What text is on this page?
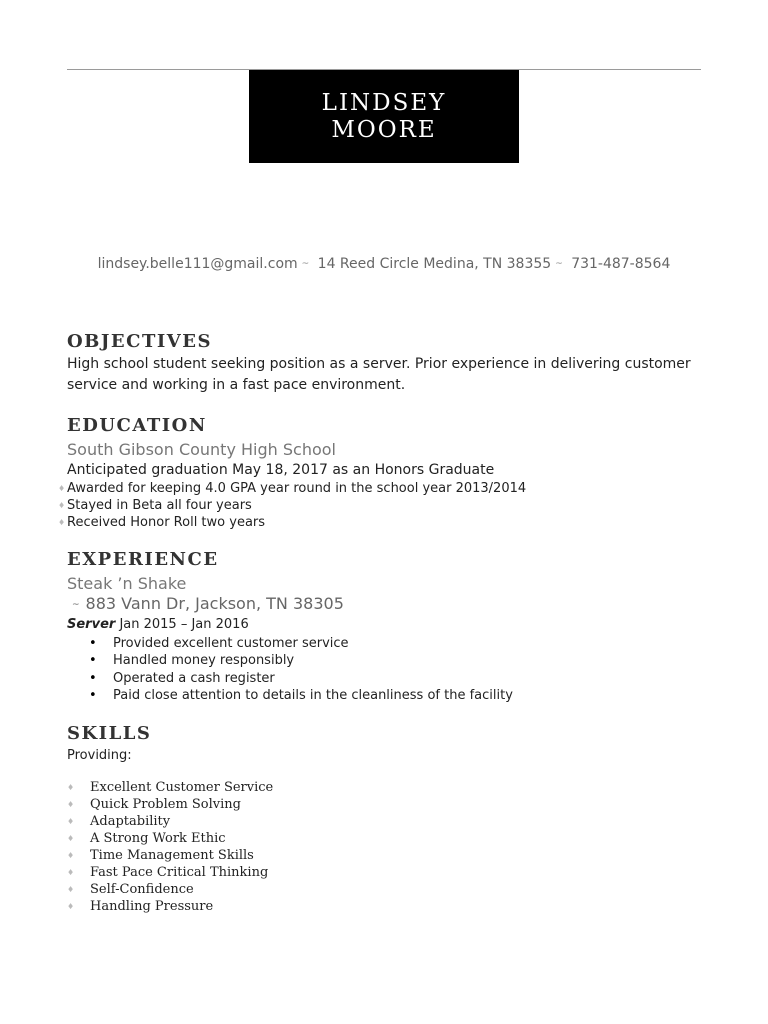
LINDSEY
MOORE
lindsey.belle111@gmail.com ~ 14 Reed Circle Medina, TN 38355 ~ 731-487-8564
OBJECTIVES

High school student seeking position as a server. Prior experience in delivering customer

service and working in a fast pace environment.

EDUCATION

South Gibson County High School

Anticipated graduation May 18, 2017 as an Honors Graduate

♦ Awarded for keeping 4.0 GPA year round in the school year 2013/2014
♦ Stayed in Beta all four years
♦ Received Honor Roll two years
EXPERIENCE

Steak ’n Shake

~ 883 Vann Dr, Jackson, TN 38305

Server Jan 2015 – Jan 2016

• Provided excellent customer service
• Handled money responsibly
• Operated a cash register
• Paid close attention to details in the cleanliness of the facility
SKILLS

Providing:

♦ Excellent Customer Service
♦ Quick Problem Solving
♦ Adaptability
♦ A Strong Work Ethic
♦ Time Management Skills
♦ Fast Pace Critical Thinking
♦ Self-Confidence
♦ Handling Pressure
